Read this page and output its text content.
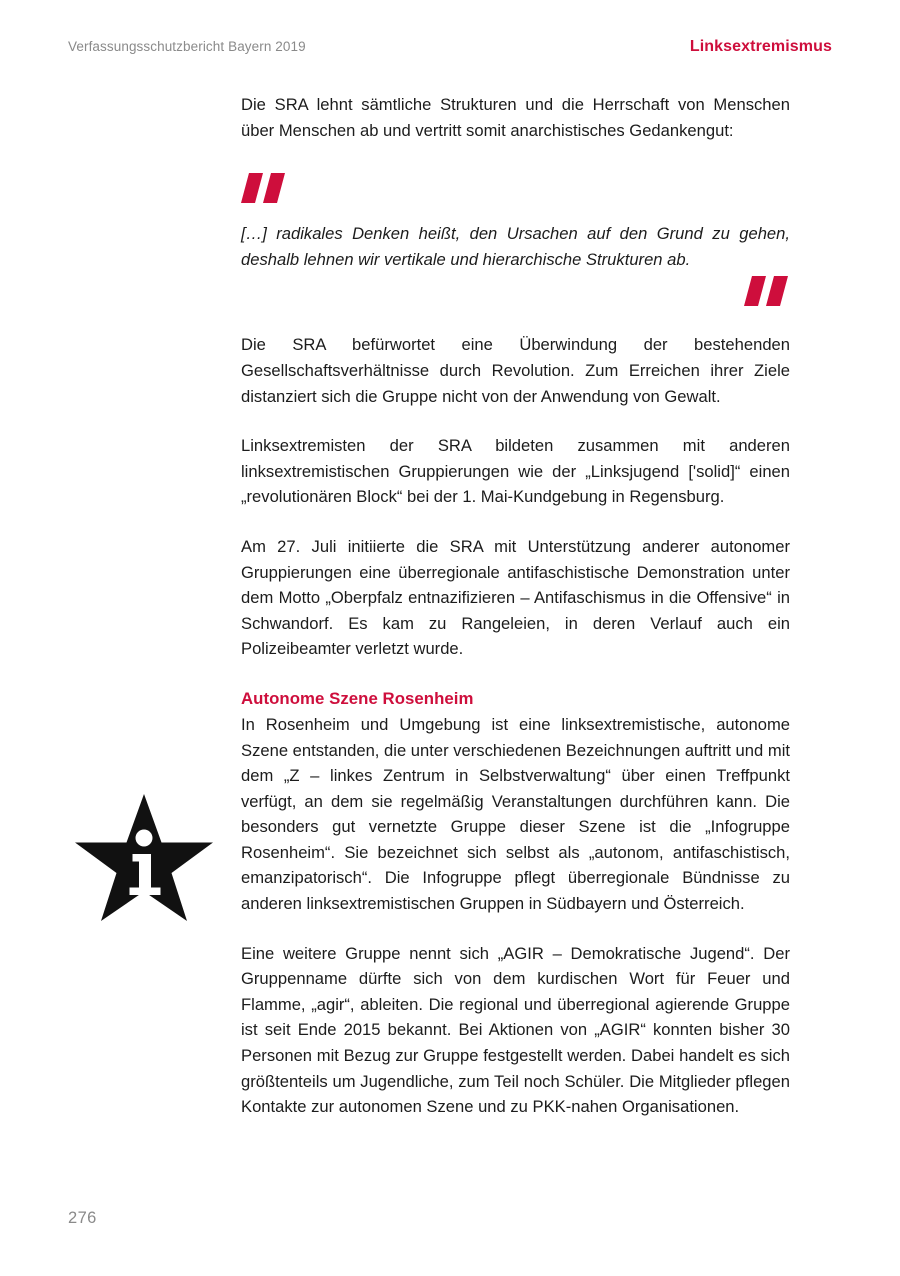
Verfassungsschutzbericht Bayern 2019	Linksextremismus

Die SRA lehnt sämtliche Strukturen und die Herrschaft von Menschen über Menschen ab und vertritt somit anarchistisches Gedankengut:

[…] radikales Denken heißt, den Ursachen auf den Grund zu gehen, deshalb lehnen wir vertikale und hierarchische Strukturen ab.

Die SRA befürwortet eine Überwindung der bestehenden Gesellschaftsverhältnisse durch Revolution. Zum Erreichen ihrer Ziele distanziert sich die Gruppe nicht von der Anwendung von Gewalt.

Linksextremisten der SRA bildeten zusammen mit anderen linksextremistischen Gruppierungen wie der „Linksjugend ['solid]“ einen „revolutionären Block“ bei der 1. Mai-Kundgebung in Regensburg.

Am 27. Juli initiierte die SRA mit Unterstützung anderer autonomer Gruppierungen eine überregionale antifaschistische Demonstration unter dem Motto „Oberpfalz entnazifizieren – Antifaschismus in die Offensive“ in Schwandorf. Es kam zu Rangeleien, in deren Verlauf auch ein Polizeibeamter verletzt wurde.

Autonome Szene Rosenheim

In Rosenheim und Umgebung ist eine linksextremistische, autonome Szene entstanden, die unter verschiedenen Bezeichnungen auftritt und mit dem „Z – linkes Zentrum in Selbstverwaltung“ über einen Treffpunkt verfügt, an dem sie regelmäßig Veranstaltungen durchführen kann. Die besonders gut vernetzte Gruppe dieser Szene ist die „Infogruppe Rosenheim“. Sie bezeichnet sich selbst als „autonom, antifaschistisch, emanzipatorisch“. Die Infogruppe pflegt überregionale Bündnisse zu anderen linksextremistischen Gruppen in Südbayern und Österreich.

Eine weitere Gruppe nennt sich „AGIR – Demokratische Jugend“. Der Gruppenname dürfte sich von dem kurdischen Wort für Feuer und Flamme, „agir“, ableiten. Die regional und überregional agierende Gruppe ist seit Ende 2015 bekannt. Bei Aktionen von „AGIR“ konnten bisher 30 Personen mit Bezug zur Gruppe festgestellt werden. Dabei handelt es sich größtenteils um Jugendliche, zum Teil noch Schüler. Die Mitglieder pflegen Kontakte zur autonomen Szene und zu PKK-nahen Organisationen.

276
